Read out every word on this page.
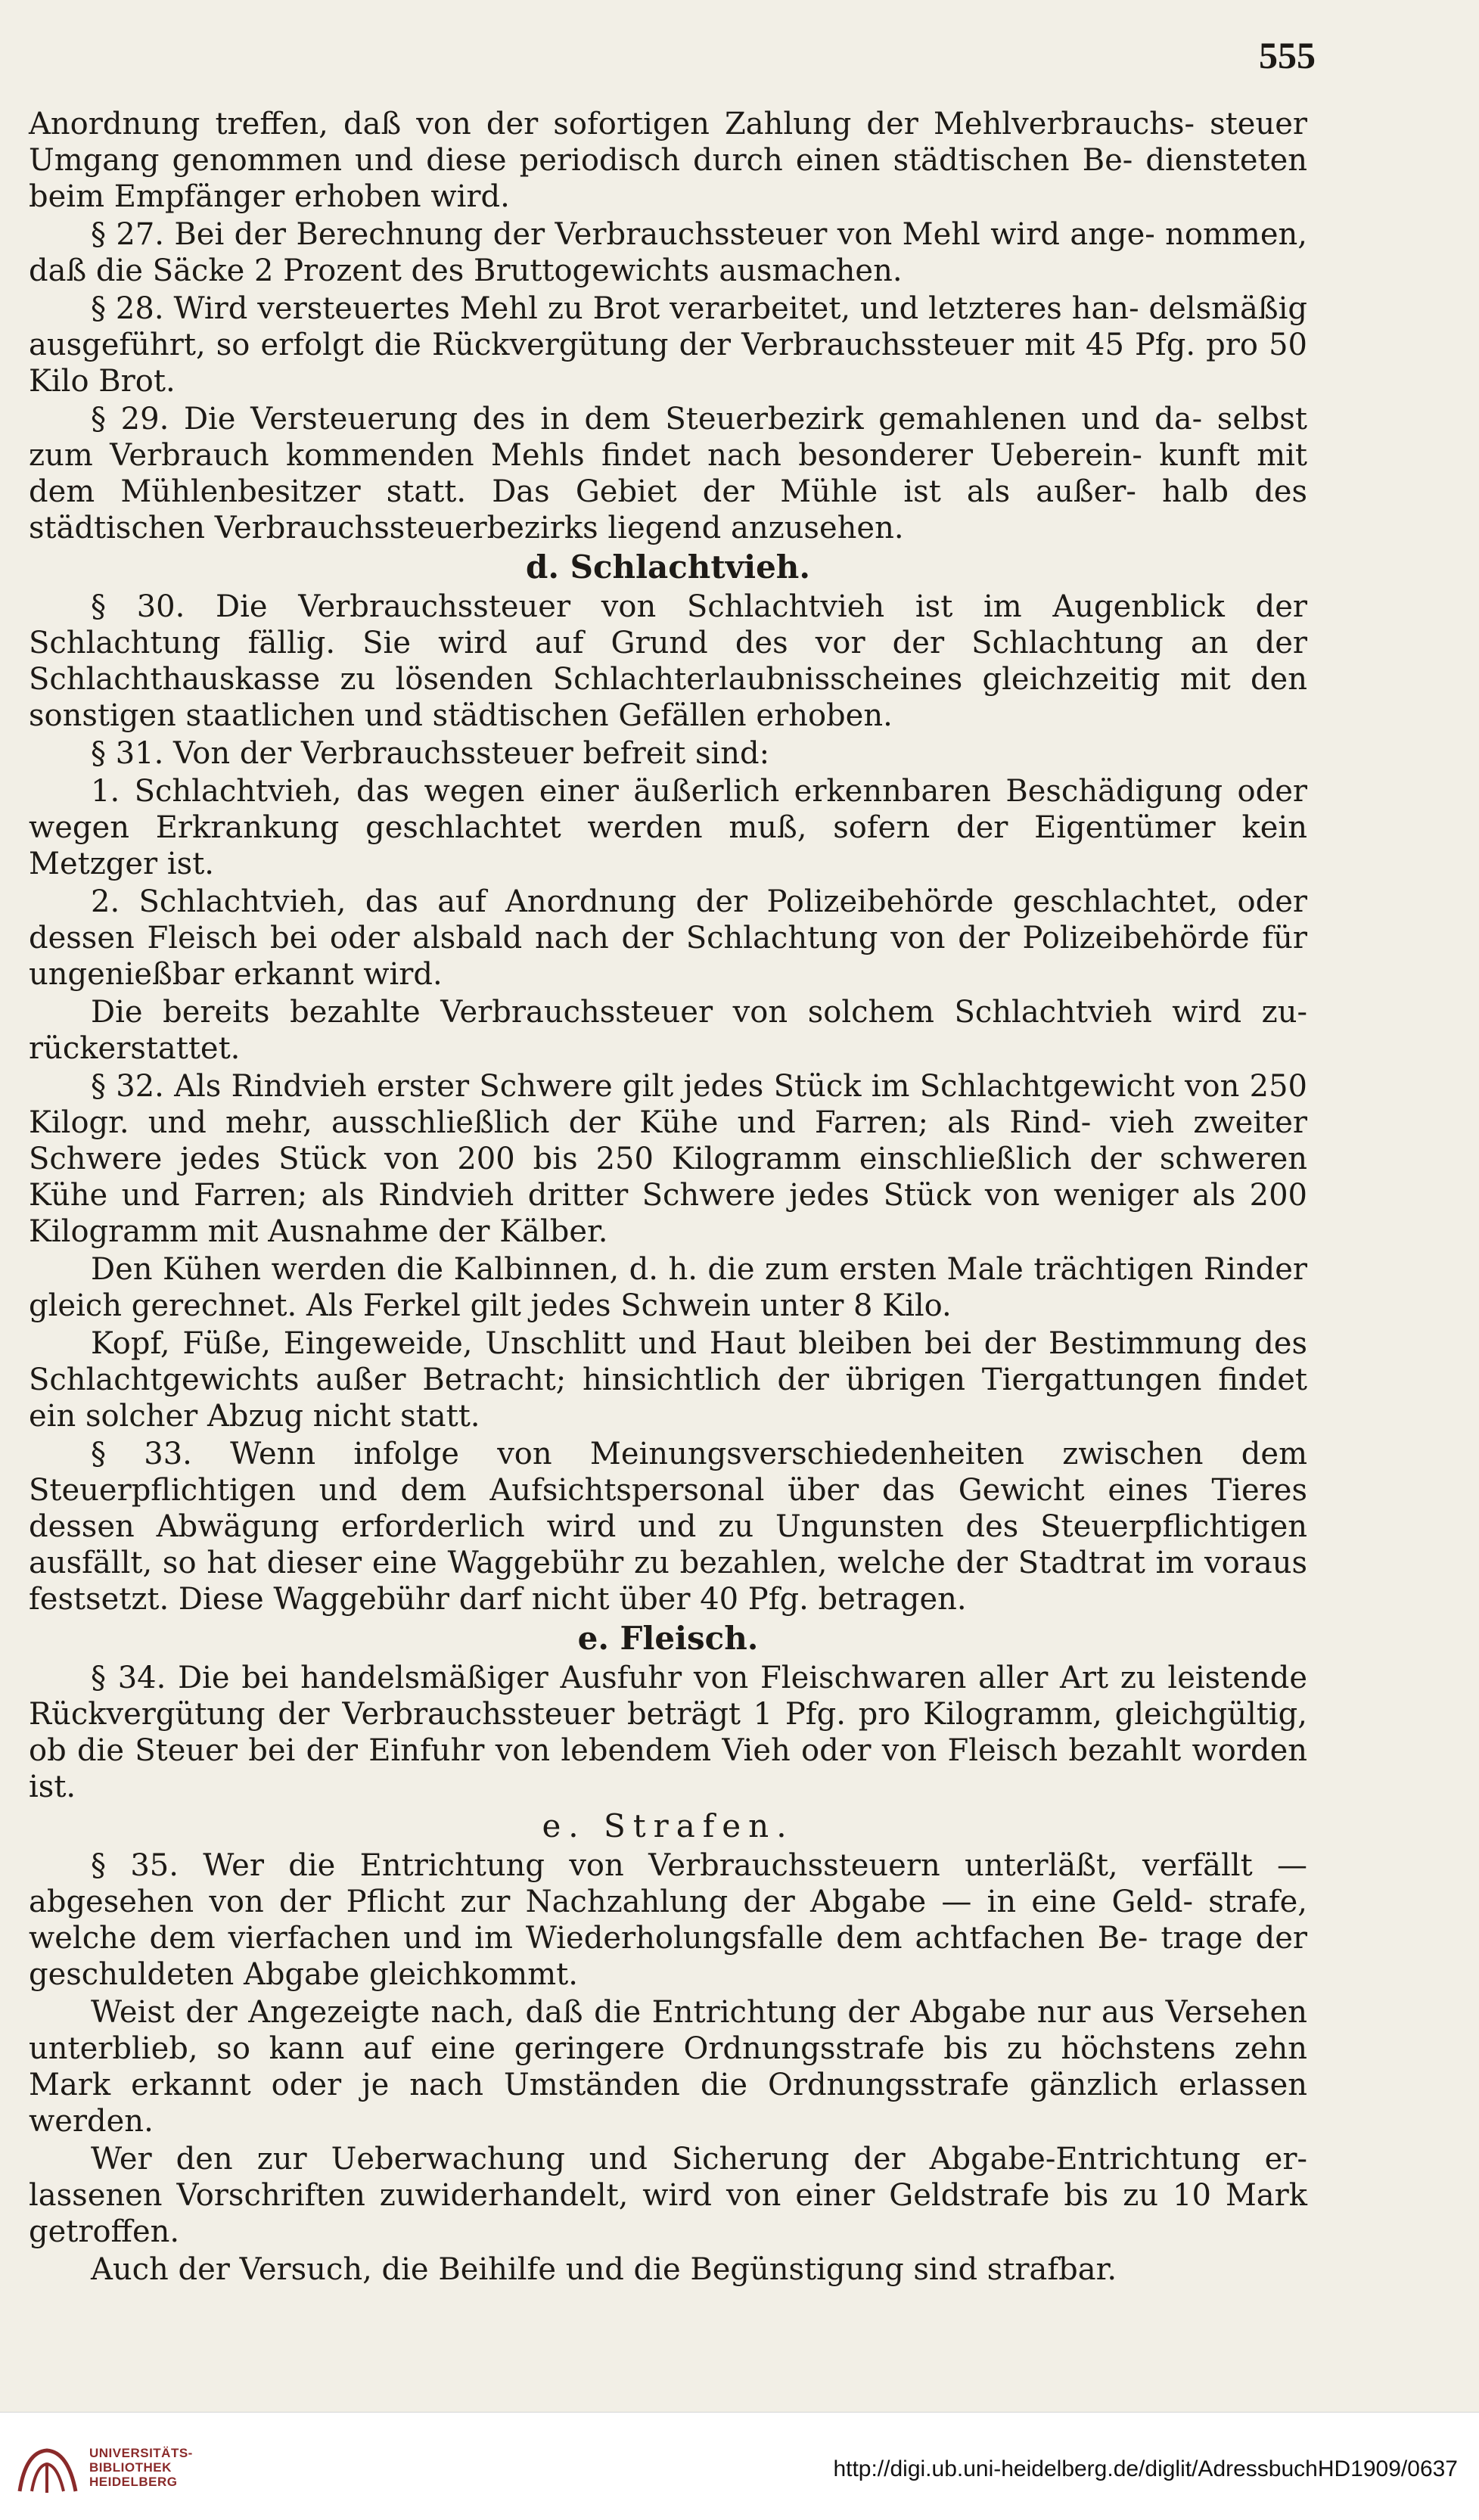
555

Anordnung treffen, daß von der sofortigen Zahlung der Mehlverbrauchs- steuer Umgang genommen und diese periodisch durch einen städtischen Be- diensteten beim Empfänger erhoben wird.

§ 27. Bei der Berechnung der Verbrauchssteuer von Mehl wird ange- nommen, daß die Säcke 2 Prozent des Bruttogewichts ausmachen.

§ 28. Wird versteuertes Mehl zu Brot verarbeitet, und letzteres han- delsmäßig ausgeführt, so erfolgt die Rückvergütung der Verbrauchssteuer mit 45 Pfg. pro 50 Kilo Brot.

§ 29. Die Versteuerung des in dem Steuerbezirk gemahlenen und da- selbst zum Verbrauch kommenden Mehls findet nach besonderer Ueberein- kunft mit dem Mühlenbesitzer statt. Das Gebiet der Mühle ist als außer- halb des städtischen Verbrauchssteuerbezirks liegend anzusehen.

d. Schlachtvieh.

§ 30. Die Verbrauchssteuer von Schlachtvieh ist im Augenblick der Schlachtung fällig. Sie wird auf Grund des vor der Schlachtung an der Schlachthauskasse zu lösenden Schlachterlaubnisscheines gleichzeitig mit den sonstigen staatlichen und städtischen Gefällen erhoben.

§ 31. Von der Verbrauchssteuer befreit sind:

1. Schlachtvieh, das wegen einer äußerlich erkennbaren Beschädigung oder wegen Erkrankung geschlachtet werden muß, sofern der Eigentümer kein Metzger ist.

2. Schlachtvieh, das auf Anordnung der Polizeibehörde geschlachtet, oder dessen Fleisch bei oder alsbald nach der Schlachtung von der Polizeibehörde für ungenießbar erkannt wird.

Die bereits bezahlte Verbrauchssteuer von solchem Schlachtvieh wird zu- rückerstattet.

§ 32. Als Rindvieh erster Schwere gilt jedes Stück im Schlachtgewicht von 250 Kilogr. und mehr, ausschließlich der Kühe und Farren; als Rind- vieh zweiter Schwere jedes Stück von 200 bis 250 Kilogramm einschließlich der schweren Kühe und Farren; als Rindvieh dritter Schwere jedes Stück von weniger als 200 Kilogramm mit Ausnahme der Kälber.

Den Kühen werden die Kalbinnen, d. h. die zum ersten Male trächtigen Rinder gleich gerechnet. Als Ferkel gilt jedes Schwein unter 8 Kilo.

Kopf, Füße, Eingeweide, Unschlitt und Haut bleiben bei der Bestimmung des Schlachtgewichts außer Betracht; hinsichtlich der übrigen Tiergattungen findet ein solcher Abzug nicht statt.

§ 33. Wenn infolge von Meinungsverschiedenheiten zwischen dem Steuerpflichtigen und dem Aufsichtspersonal über das Gewicht eines Tieres dessen Abwägung erforderlich wird und zu Ungunsten des Steuerpflichtigen ausfällt, so hat dieser eine Waggebühr zu bezahlen, welche der Stadtrat im voraus festsetzt. Diese Waggebühr darf nicht über 40 Pfg. betragen.

e. Fleisch.

§ 34. Die bei handelsmäßiger Ausfuhr von Fleischwaren aller Art zu leistende Rückvergütung der Verbrauchssteuer beträgt 1 Pfg. pro Kilogramm, gleichgültig, ob die Steuer bei der Einfuhr von lebendem Vieh oder von Fleisch bezahlt worden ist.

e. Strafen.

§ 35. Wer die Entrichtung von Verbrauchssteuern unterläßt, verfällt — abgesehen von der Pflicht zur Nachzahlung der Abgabe — in eine Geld- strafe, welche dem vierfachen und im Wiederholungsfalle dem achtfachen Be- trage der geschuldeten Abgabe gleichkommt.

Weist der Angezeigte nach, daß die Entrichtung der Abgabe nur aus Versehen unterblieb, so kann auf eine geringere Ordnungsstrafe bis zu höchstens zehn Mark erkannt oder je nach Umständen die Ordnungsstrafe gänzlich erlassen werden.

Wer den zur Ueberwachung und Sicherung der Abgabe-Entrichtung er- lassenen Vorschriften zuwiderhandelt, wird von einer Geldstrafe bis zu 10 Mark getroffen.

Auch der Versuch, die Beihilfe und die Begünstigung sind strafbar.

UNIVERSITÄTS-
BIBLIOTHEK
HEIDELBERG
http://digi.ub.uni-heidelberg.de/diglit/AdressbuchHD1909/0637
